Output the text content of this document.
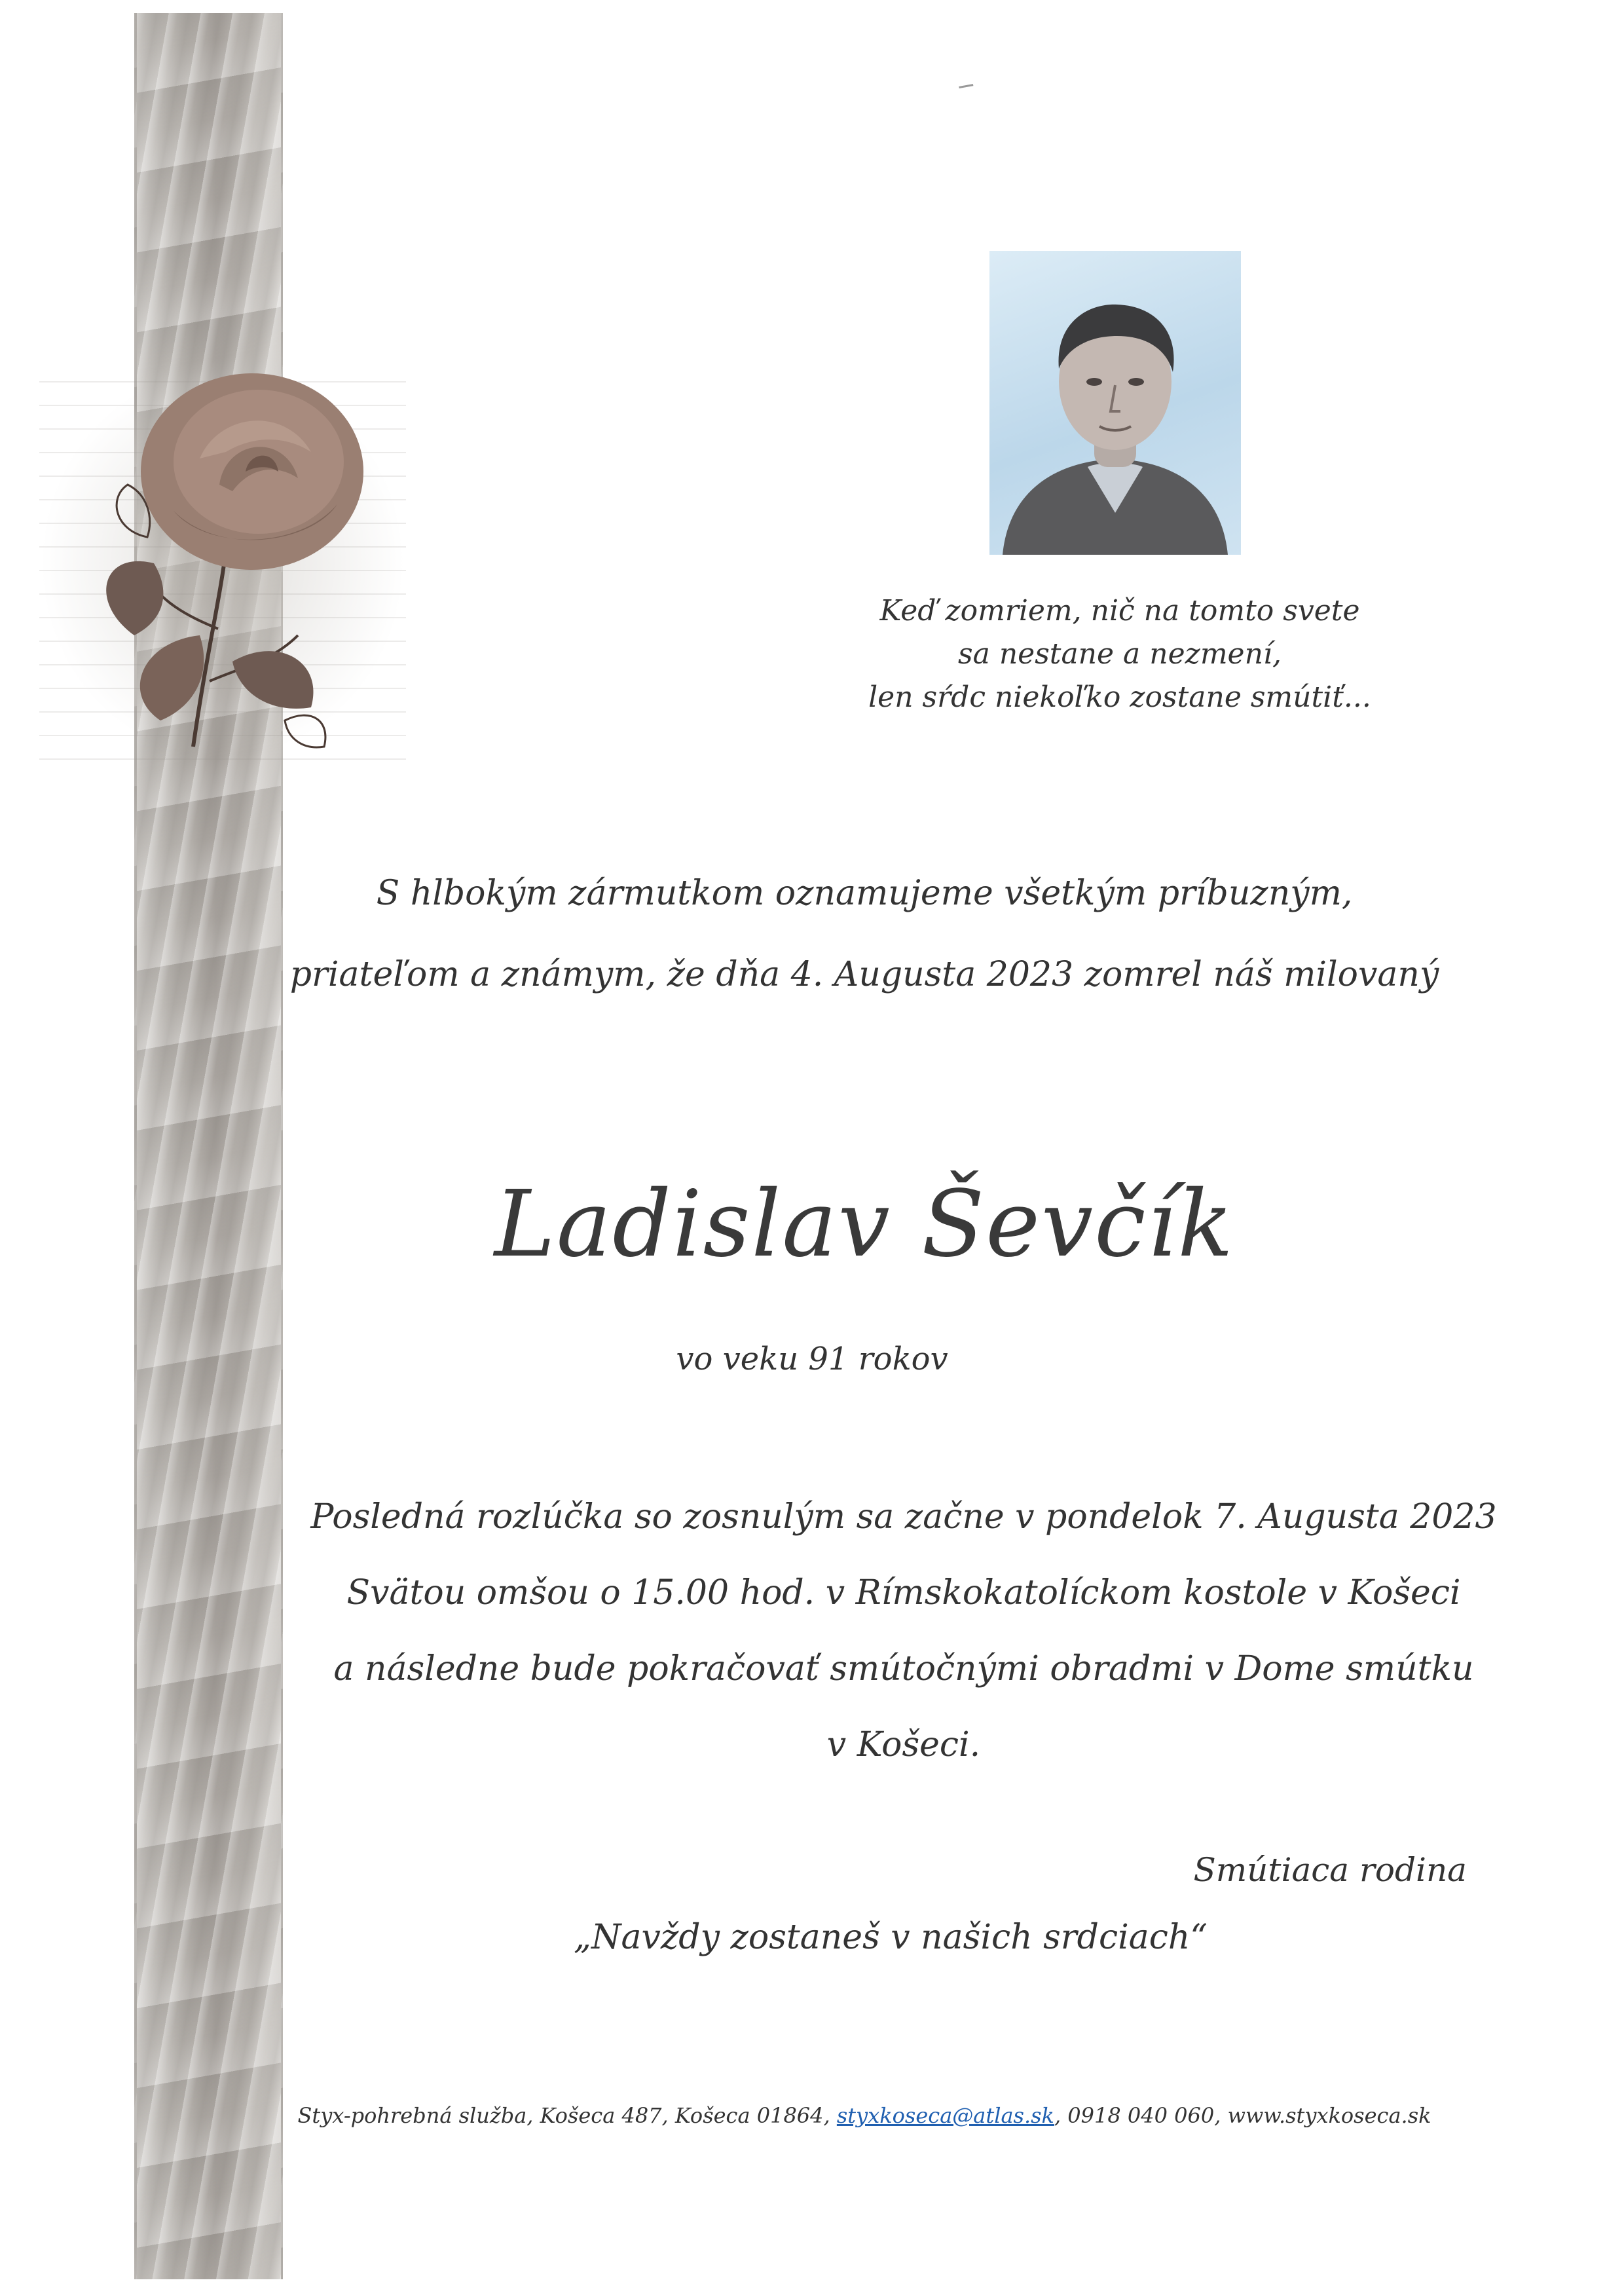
Keď zomriem, nič na tomto svete
sa nestane a nezmení,
len sŕdc niekoľko zostane smútiť...
S hlbokým zármutkom oznamujeme všetkým príbuzným,
priateľom a známym, že dňa 4. Augusta 2023 zomrel náš milovaný
Ladislav Ševčík
vo veku 91 rokov
Posledná rozlúčka so zosnulým sa začne v pondelok 7. Augusta 2023
Svätou omšou o 15.00 hod. v Rímskokatolíckom kostole v Košeci
a následne bude pokračovať smútočnými obradmi v Dome smútku
v Košeci.
Smútiaca rodina
„Navždy zostaneš v našich srdciach“
Styx-pohrebná služba, Košeca 487, Košeca 01864, styxkoseca@atlas.sk, 0918 040 060, www.styxkoseca.sk
